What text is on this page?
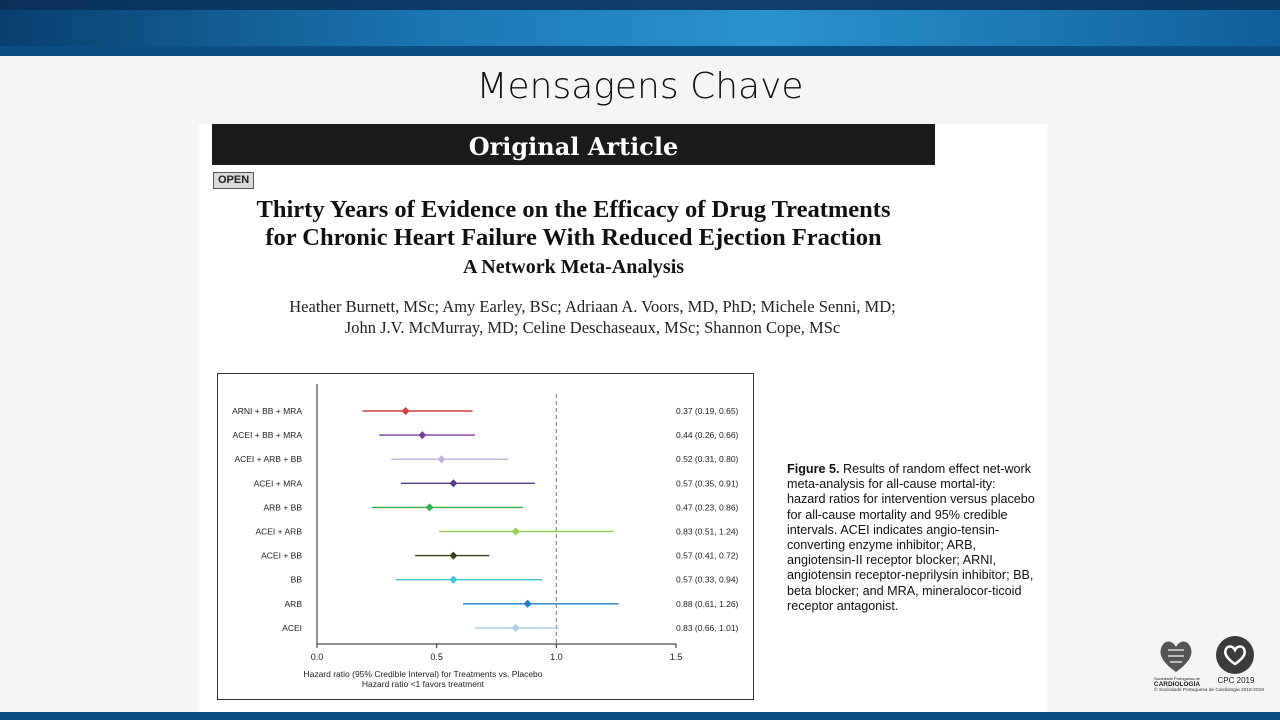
Mensagens Chave
Original Article
OPEN
Thirty Years of Evidence on the Efficacy of Drug Treatments
for Chronic Heart Failure With Reduced Ejection Fraction
A Network Meta-Analysis
Heather Burnett, MSc; Amy Earley, BSc; Adriaan A. Voors, MD, PhD; Michele Senni, MD;
John J.V. McMurray, MD; Celine Deschaseaux, MSc; Shannon Cope, MSc
0.0	0.5	1.0	1.5
Hazard ratio (95% Credible Interval) for Treatments vs. Placebo
Hazard ratio <1 favors treatment
ARNI + BB + MRA	0.37 (0.19, 0.65)
ACEI + BB + MRA	0.44 (0.26, 0.66)
ACEI + ARB + BB	0.52 (0.31, 0.80)
ACEI + MRA	0.57 (0.35, 0.91)
ARB + BB	0.47 (0.23, 0.86)
ACEI + ARB	0.83 (0.51, 1.24)
ACEI + BB	0.57 (0.41, 0.72)
BB	0.57 (0.33, 0.94)
ARB	0.88 (0.61, 1.26)
ACEI	0.83 (0.66, 1.01)
Figure 5. Results of random effect net-work meta-analysis for all-cause mortal-ity: hazard ratios for intervention versus placebo for all-cause mortality and 95% credible intervals. ACEI indicates angio-tensin-converting enzyme inhibitor; ARB, angiotensin-II receptor blocker; ARNI, angiotensin receptor-neprilysin inhibitor; BB, beta blocker; and MRA, mineralocor-ticoid receptor antagonist.
Sociedade Portuguesa de
CARDIOLOGIA	CPC 2019
© Sociedade Portuguesa de Cardiologia 2018-2019
